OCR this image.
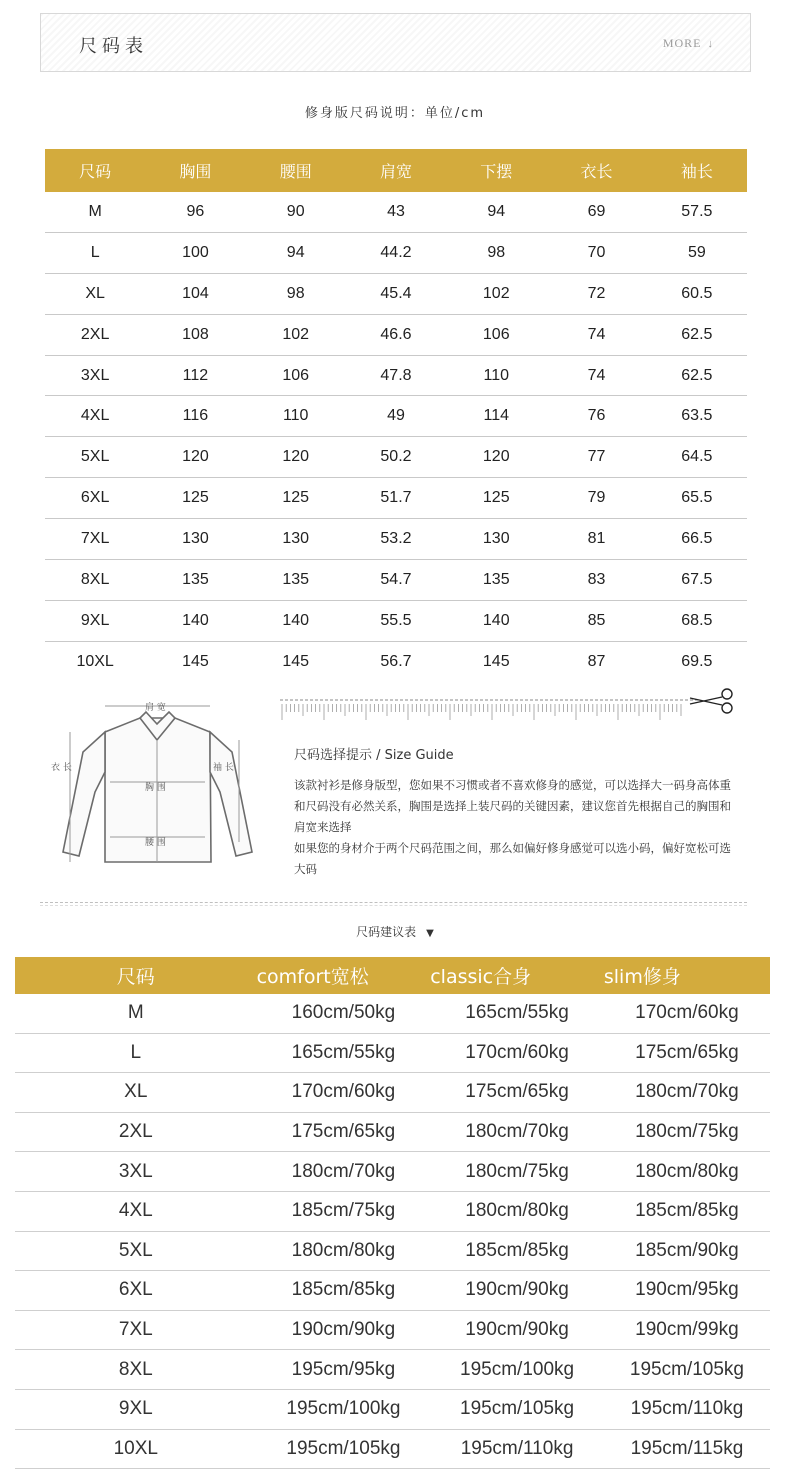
尺码表	MORE ↓
修身版尺码说明：单位/cm
尺码	胸围	腰围	肩宽	下摆	衣长	袖长
M	96	90	43	94	69	57.5
L	100	94	44.2	98	70	59
XL	104	98	45.4	102	72	60.5
2XL	108	102	46.6	106	74	62.5
3XL	112	106	47.8	110	74	62.5
4XL	116	110	49	114	76	63.5
5XL	120	120	50.2	120	77	64.5
6XL	125	125	51.7	125	79	65.5
7XL	130	130	53.2	130	81	66.5
8XL	135	135	54.7	135	83	67.5
9XL	140	140	55.5	140	85	68.5
10XL	145	145	56.7	145	87	69.5
肩 宽
衣 长	袖 长
胸 围
腰 围
尺码选择提示 / Size Guide

该款衬衫是修身版型，您如果不习惯或者不喜欢修身的感觉，可以选择大一码身高体重和尺码没有必然关系，胸围是选择上装尺码的关键因素，建议您首先根据自己的胸围和肩宽来选择

如果您的身材介于两个尺码范围之间，那么如偏好修身感觉可以选小码，偏好宽松可选大码

尺码建议表 ▼
尺码	comfort宽松	classic合身	slim修身
M	160cm/50kg	165cm/55kg	170cm/60kg
L	165cm/55kg	170cm/60kg	175cm/65kg
XL	170cm/60kg	175cm/65kg	180cm/70kg
2XL	175cm/65kg	180cm/70kg	180cm/75kg
3XL	180cm/70kg	180cm/75kg	180cm/80kg
4XL	185cm/75kg	180cm/80kg	185cm/85kg
5XL	180cm/80kg	185cm/85kg	185cm/90kg
6XL	185cm/85kg	190cm/90kg	190cm/95kg
7XL	190cm/90kg	190cm/90kg	190cm/99kg
8XL	195cm/95kg	195cm/100kg	195cm/105kg
9XL	195cm/100kg	195cm/105kg	195cm/110kg
10XL	195cm/105kg	195cm/110kg	195cm/115kg
